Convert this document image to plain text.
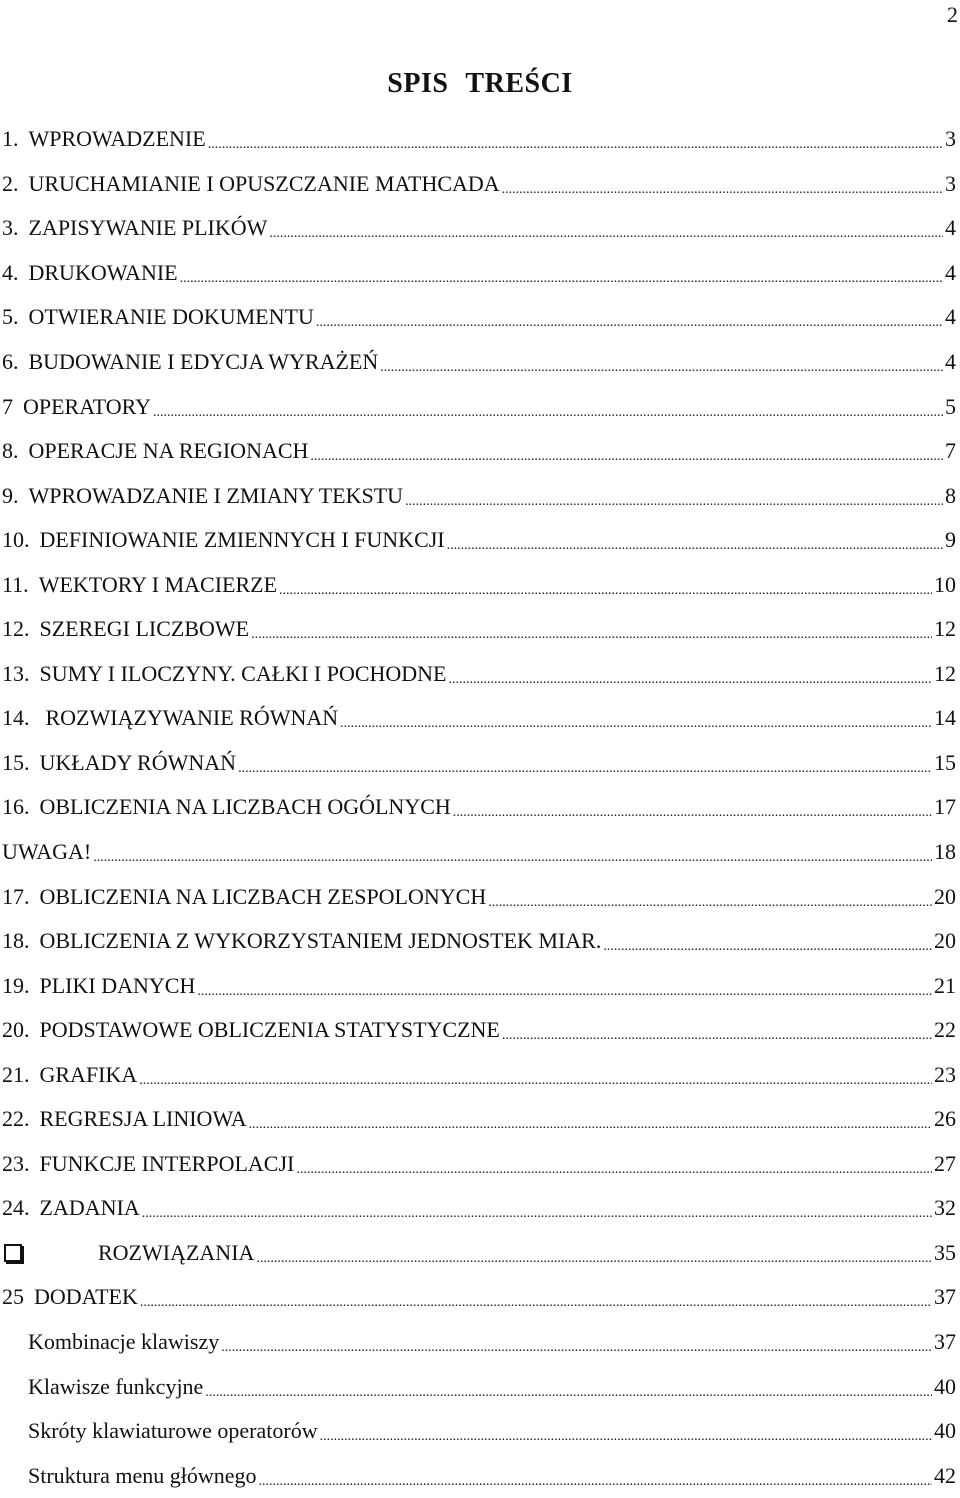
2
SPIS TREŚCI
1. WPROWADZENIE .....	3
2. URUCHAMIANIE I OPUSZCZANIE MATHCADA .....	3
3. ZAPISYWANIE PLIKÓW .....	4
4. DRUKOWANIE .....	4
5. OTWIERANIE DOKUMENTU .....	4
6. BUDOWANIE I EDYCJA WYRAŻEŃ .....	4
7 OPERATORY .....	5
8. OPERACJE NA REGIONACH .....	7
9. WPROWADZANIE I ZMIANY TEKSTU .....	8
10. DEFINIOWANIE ZMIENNYCH I FUNKCJI .....	9
11. WEKTORY I MACIERZE .....	10
12. SZEREGI LICZBOWE .....	12
13. SUMY I ILOCZYNY. CAŁKI I POCHODNE .....	12
14. ROZWIĄZYWANIE RÓWNAŃ .....	14
15. UKŁADY RÓWNAŃ .....	15
16. OBLICZENIA NA LICZBACH OGÓLNYCH .....	17
UWAGA! .....	18
17. OBLICZENIA NA LICZBACH ZESPOLONYCH .....	20
18. OBLICZENIA Z WYKORZYSTANIEM JEDNOSTEK MIAR. .....	20
19. PLIKI DANYCH .....	21
20. PODSTAWOWE OBLICZENIA STATYSTYCZNE .....	22
21. GRAFIKA .....	23
22. REGRESJA LINIOWA .....	26
23. FUNKCJE INTERPOLACJI .....	27
24. ZADANIA .....	32
ROZWIĄZANIA .....	35
25 DODATEK .....	37
Kombinacje klawiszy .....	37
Klawisze funkcyjne .....	40
Skróty klawiaturowe operatorów .....	40
Struktura menu głównego .....	42
